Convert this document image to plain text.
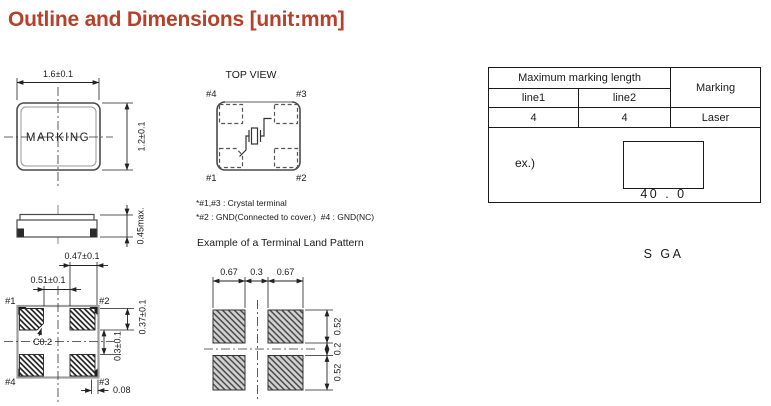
Outline and Dimensions [unit:mm]
MARKING
1.6±0.1
1.2±0.1
TOP VIEW
#4	#3
#1	#2
*#1,#3 : Crystal terminal
*#2 : GND(Connected to cover.)  #4 : GND(NC)
0.45max.
#1	#2
#4	#3
0.47±0.1
0.51±0.1
0.37±0.1
0.3±0.1
C0.2
0.08
Example of a Terminal Land Pattern
0.67 0.3 0.67
0.52
0.2
0.52
Maximum marking length		Marking
line1	line2	
4	4	Laser

ex.)

40 . 0

S GA		
